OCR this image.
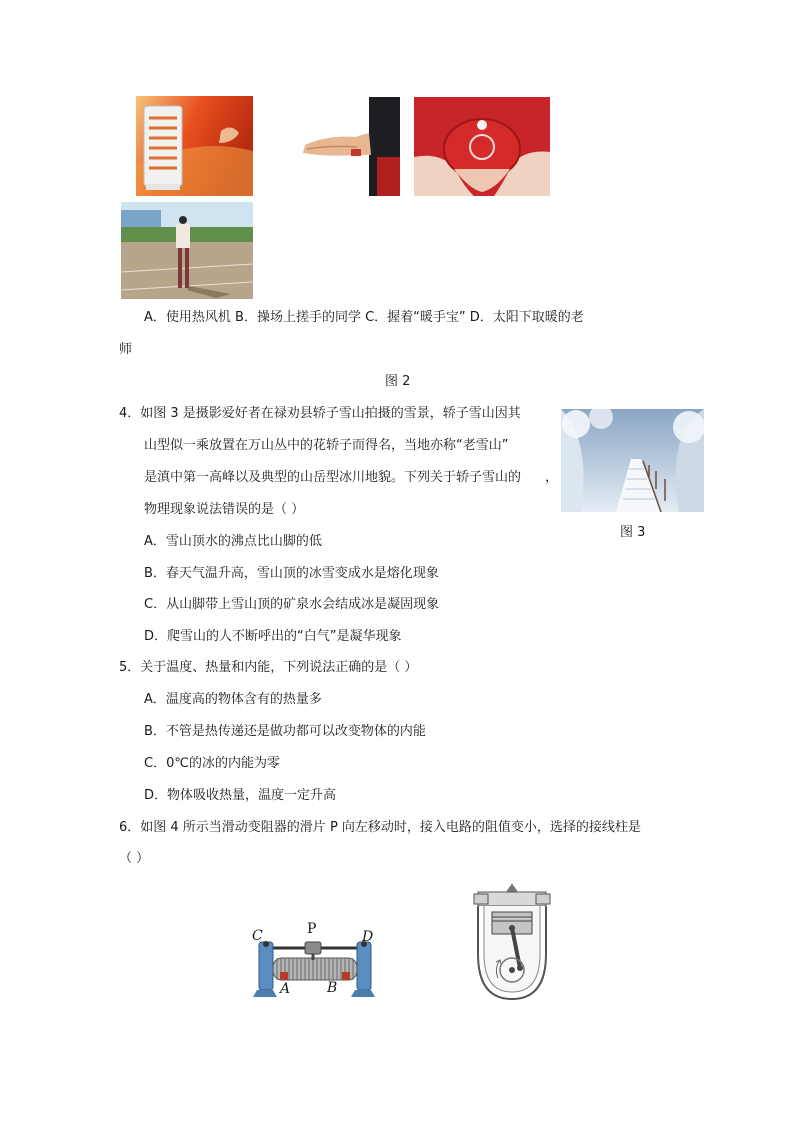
A．使用热风机 B．操场上搓手的同学 C．握着“暖手宝” D．太阳下取暖的老
师
图 2
4．如图 3 是摄影爱好者在禄劝县轿子雪山拍摄的雪景，轿子雪山因其
山型似一乘放置在万山丛中的花轿子而得名，当地亦称“老雪山”
，
是滇中第一高峰以及典型的山岳型冰川地貌。下列关于轿子雪山的
物理现象说法错误的是（ ）
A．雪山顶水的沸点比山脚的低
B．春天气温升高，雪山顶的冰雪变成水是熔化现象
C．从山脚带上雪山顶的矿泉水会结成冰是凝固现象
D．爬雪山的人不断呼出的“白气”是凝华现象
图 3
5．关于温度、热量和内能，下列说法正确的是（ ）
A．温度高的物体含有的热量多
B．不管是热传递还是做功都可以改变物体的内能
C．0℃的冰的内能为零
D．物体吸收热量，温度一定升高
6．如图 4 所示当滑动变阻器的滑片 P 向左移动时，接入电路的阻值变小，选择的接线柱是
（ ）
C	P	D
A	B
